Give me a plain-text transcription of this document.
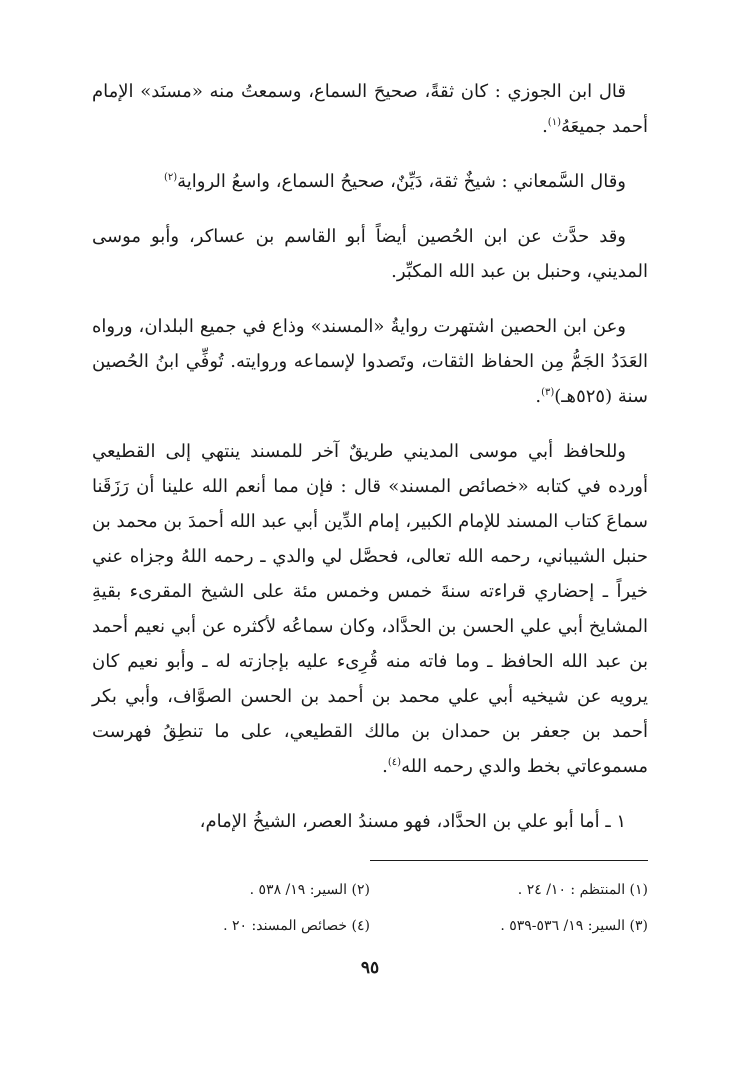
قال ابن الجوزي : كان ثقةً، صحيحَ السماع، وسمعتُ منه «مسنَد» الإمام أحمد جميعَهُ$^{(١)}$.

وقال السَّمعاني : شيخٌ ثقة، دَيِّنٌ، صحيحُ السماع، واسعُ الرواية$^{(٢)}$

وقد حدَّث عن ابن الحُصين أيضاً أبو القاسم بن عساكر، وأبو موسى المديني، وحنبل بن عبد الله المكبِّر.

وعن ابن الحصين اشتهرت روايةُ «المسند» وذاع في جميع البلدان، ورواه العَدَدُ الجَمُّ مِن الحفاظ الثقات، وتَصدوا لإسماعه وروايته. تُوفِّي ابنُ الحُصين سنة (٥٢٥هـ)$^{(٣)}$.

وللحافظ أبي موسى المديني طريقٌ آخر للمسند ينتهي إلى القطيعي أورده في كتابه «خصائص المسند» قال : فإن مما أنعم الله علينا أن رَزَقَنا سماعَ كتاب المسند للإمام الكبير، إمام الدِّين أبي عبد الله أحمدَ بن محمد بن حنبل الشيباني، رحمه الله تعالى، فحصَّل لي والدي ـ رحمه اللهُ وجزاه عني خيراً ـ إحضاري قراءته سنةَ خمس وخمس مئة على الشيخ المقرىء بقيةِ المشايخ أبي علي الحسن بن الحدَّاد، وكان سماعُه لأكثره عن أبي نعيم أحمد بن عبد الله الحافظ ـ وما فاته منه قُرِىء عليه بإجازته له ـ وأبو نعيم كان يرويه عن شيخيه أبي علي محمد بن أحمد بن الحسن الصوَّاف، وأبي بكر أحمد بن جعفر بن حمدان بن مالك القطيعي، على ما تنطِقُ فهرست مسموعاتي بخط والدي رحمه الله$^{(٤)}$.

١ ـ أما أبو علي بن الحدَّاد، فهو مسندُ العصر، الشيخُ الإمام،

(١) المنتظم : ١٠/ ٢٤ .
(٢) السير: ١٩/ ٥٣٨ .
(٣) السير: ١٩/ ٥٣٦-٥٣٩ .
(٤) خصائص المسند: ٢٠ .
٩٥
